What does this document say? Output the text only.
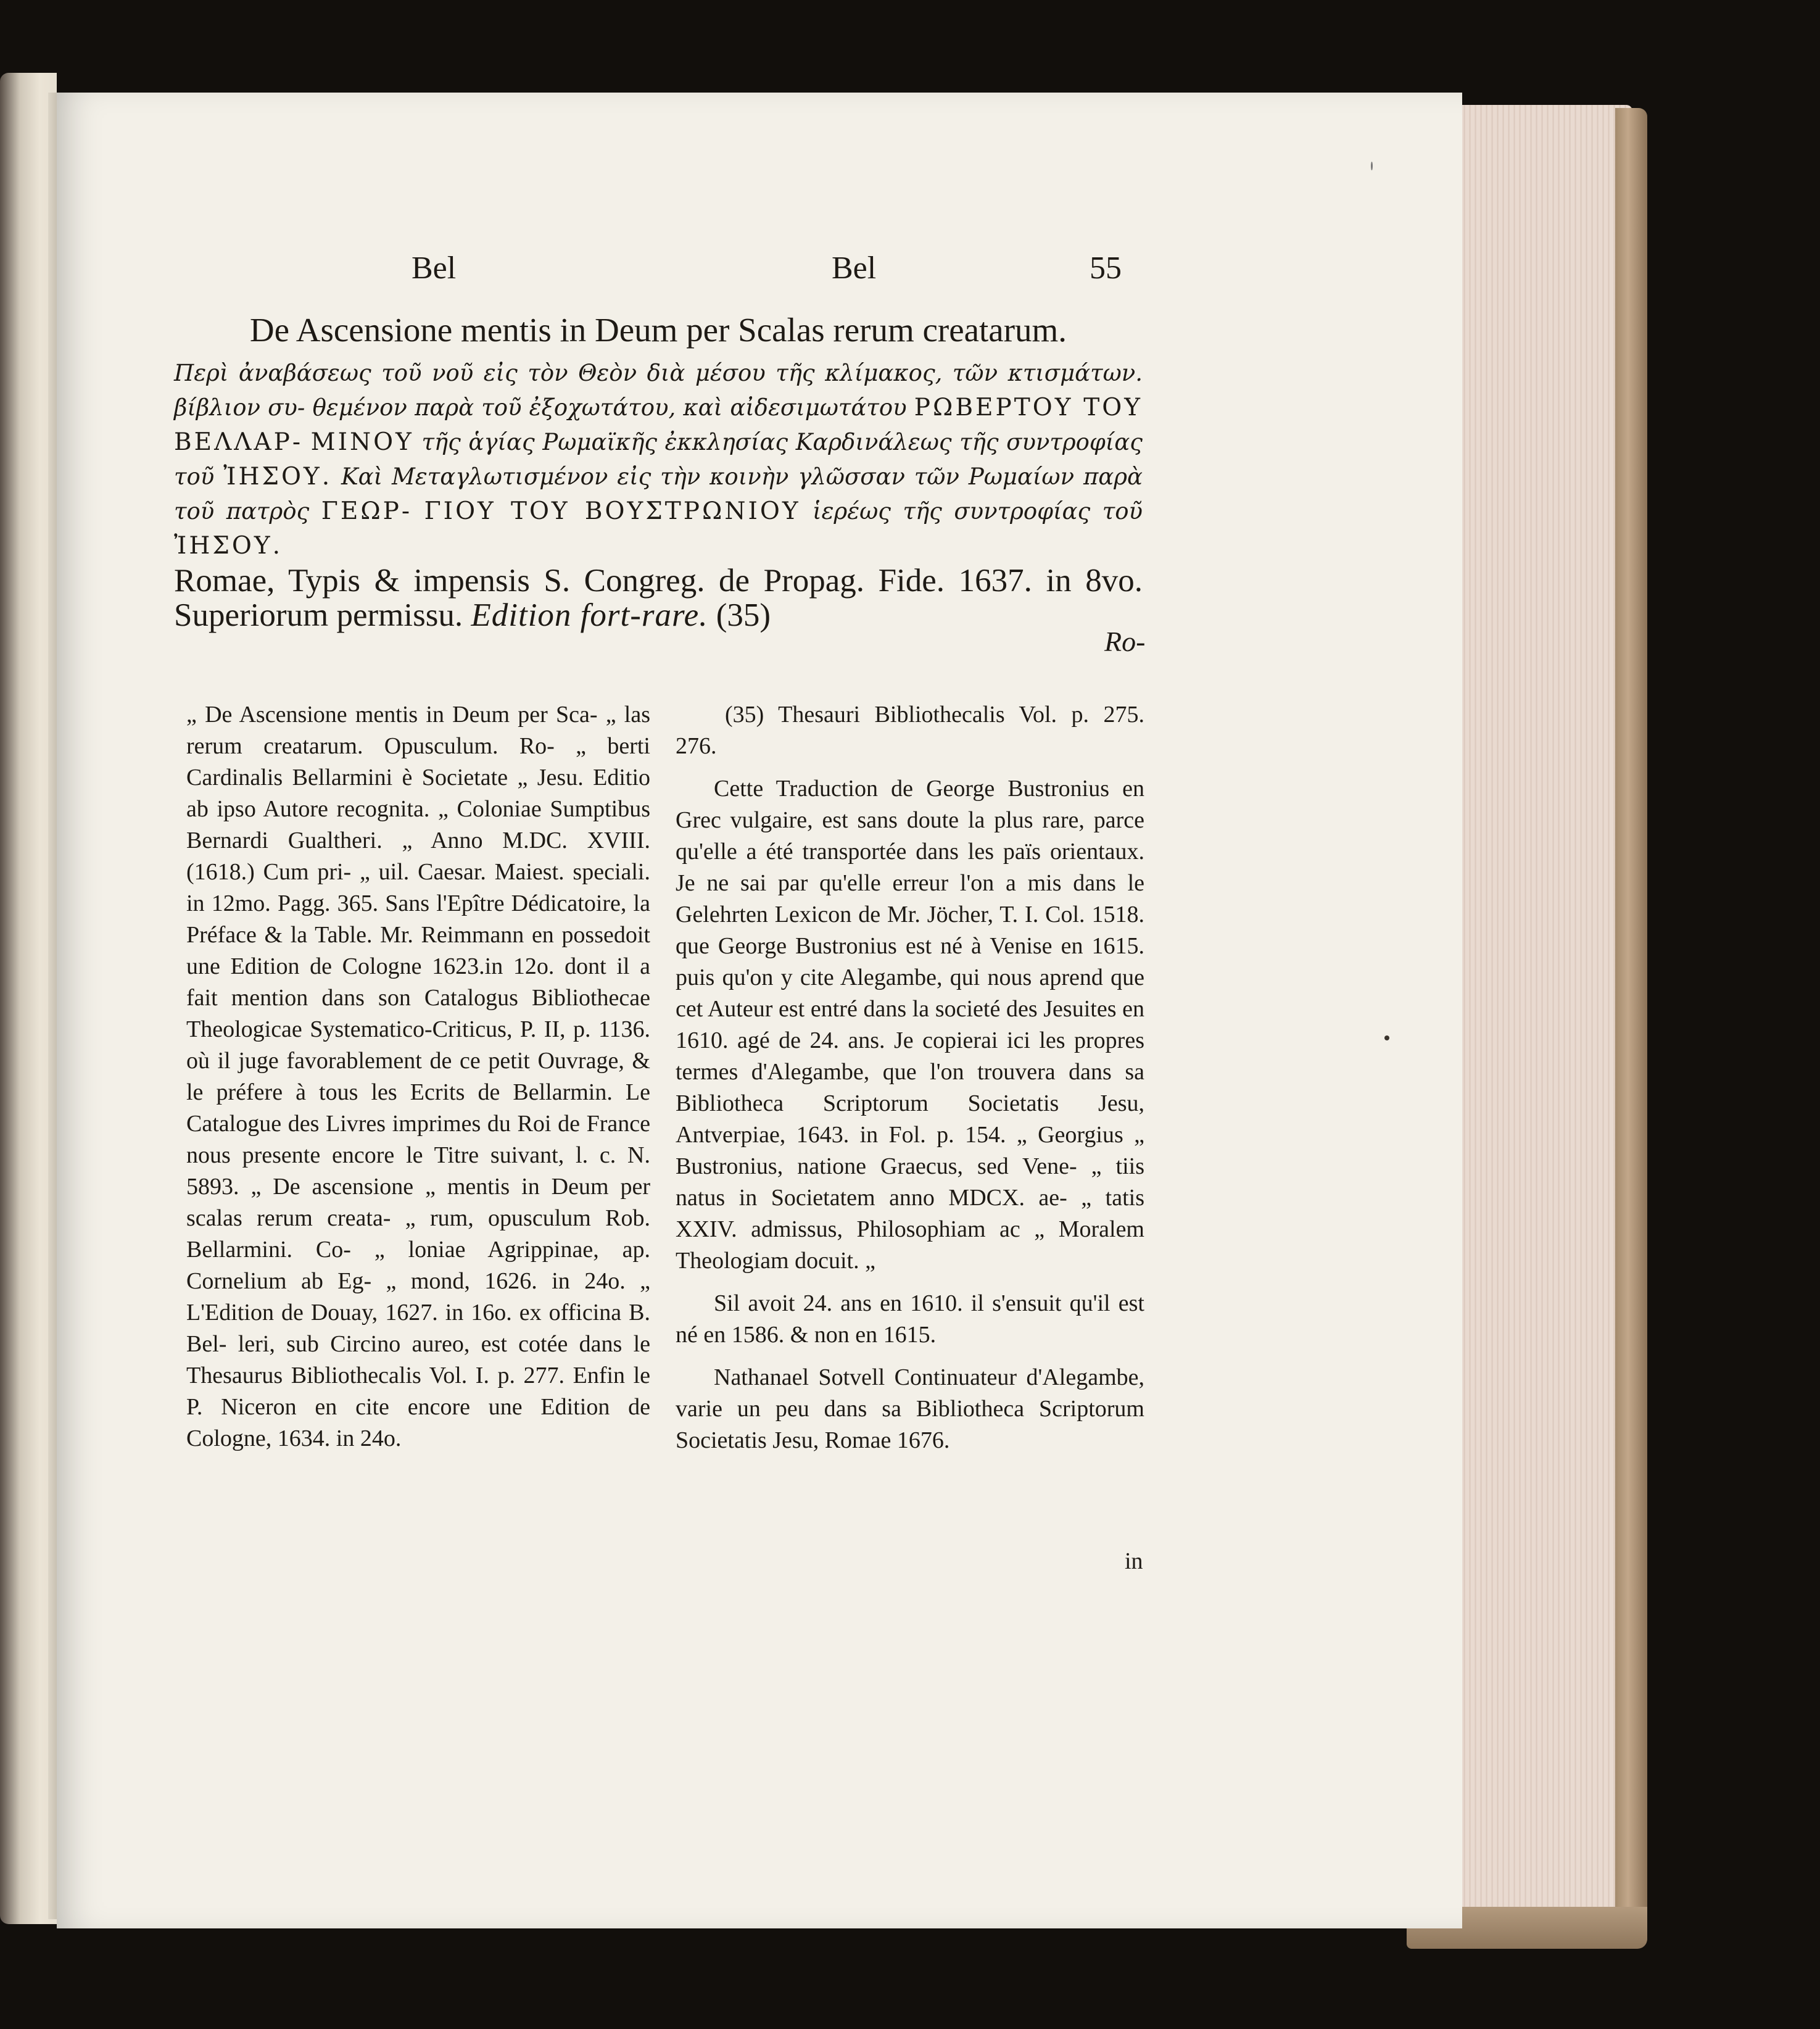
Bel	Bel	55

De Ascensione mentis in Deum per Scalas rerum creatarum.

Περὶ ἀναβάσεως τοῦ νοῦ εἰς τὸν Θεὸν διὰ μέσου τῆς κλίμακος, τῶν κτισμάτων. βίβλιον συ- θεμένον παρὰ τοῦ ἐξοχωτάτου, καὶ αἰδεσιμωτάτου ΡΩΒΕΡΤΟΥ ΤΟΥ ΒΕΛΛΑΡ- ΜΙΝΟΥ τῆς ἁγίας Ρωμαϊκῆς ἐκκλησίας Καρδινάλεως τῆς συντροφίας τοῦ ἸΗΣΟΥ. Καὶ Μεταγλωτισμένον εἰς τὴν κοινὴν γλῶσσαν τῶν Ρωμαίων παρὰ τοῦ πατρὸς ΓΕΩΡ- ΓΙΟΥ ΤΟΥ ΒΟΥΣΤΡΩΝΙΟΥ ἱερέως τῆς συντροφίας τοῦ ἸΗΣΟΥ.

Romae, Typis & impensis S. Congreg. de Propag. Fide. 1637. in 8vo. Superiorum permissu. Edition fort-rare. (35)

Ro-

„ De Ascensione mentis in Deum per Sca- „ las rerum creatarum. Opusculum. Ro- „ berti Cardinalis Bellarmini è Societate „ Jesu. Editio ab ipso Autore recognita. „ Coloniae Sumptibus Bernardi Gualtheri. „ Anno M.DC. XVIII. (1618.) Cum pri- „ uil. Caesar. Maiest. speciali. in 12mo. Pagg. 365. Sans l'Epître Dédicatoire, la Préface & la Table. Mr. Reimmann en possedoit une Edition de Cologne 1623.in 12o. dont il a fait mention dans son Catalogus Bibliothecae Theologicae Systematico-Criticus, P. II, p. 1136. où il juge favorablement de ce petit Ouvrage, & le préfere à tous les Ecrits de Bellarmin. Le Catalogue des Livres imprimes du Roi de France nous presente encore le Titre suivant, l. c. N. 5893. „ De ascensione „ mentis in Deum per scalas rerum creata- „ rum, opusculum Rob. Bellarmini. Co- „ loniae Agrippinae, ap. Cornelium ab Eg- „ mond, 1626. in 24o. „ L'Edition de Douay, 1627. in 16o. ex officina B. Bel- leri, sub Circino aureo, est cotée dans le Thesaurus Bibliothecalis Vol. I. p. 277. Enfin le P. Niceron en cite encore une Edition de Cologne, 1634. in 24o.

(35) Thesauri Bibliothecalis Vol. p. 275. 276.

Cette Traduction de George Bustronius en Grec vulgaire, est sans doute la plus rare, parce qu'elle a été transportée dans les païs orientaux. Je ne sai par qu'elle erreur l'on a mis dans le Gelehrten Lexicon de Mr. Jöcher, T. I. Col. 1518. que George Bustronius est né à Venise en 1615. puis qu'on y cite Alegambe, qui nous aprend que cet Auteur est entré dans la societé des Jesuites en 1610. agé de 24. ans. Je copierai ici les propres termes d'Alegambe, que l'on trouvera dans sa Bibliotheca Scriptorum Societatis Jesu, Antverpiae, 1643. in Fol. p. 154. „ Georgius „ Bustronius, natione Graecus, sed Vene- „ tiis natus in Societatem anno MDCX. ae- „ tatis XXIV. admissus, Philosophiam ac „ Moralem Theologiam docuit. „

Sil avoit 24. ans en 1610. il s'ensuit qu'il est né en 1586. & non en 1615.

Nathanael Sotvell Continuateur d'Alegambe, varie un peu dans sa Bibliotheca Scriptorum Societatis Jesu, Romae 1676.

in
